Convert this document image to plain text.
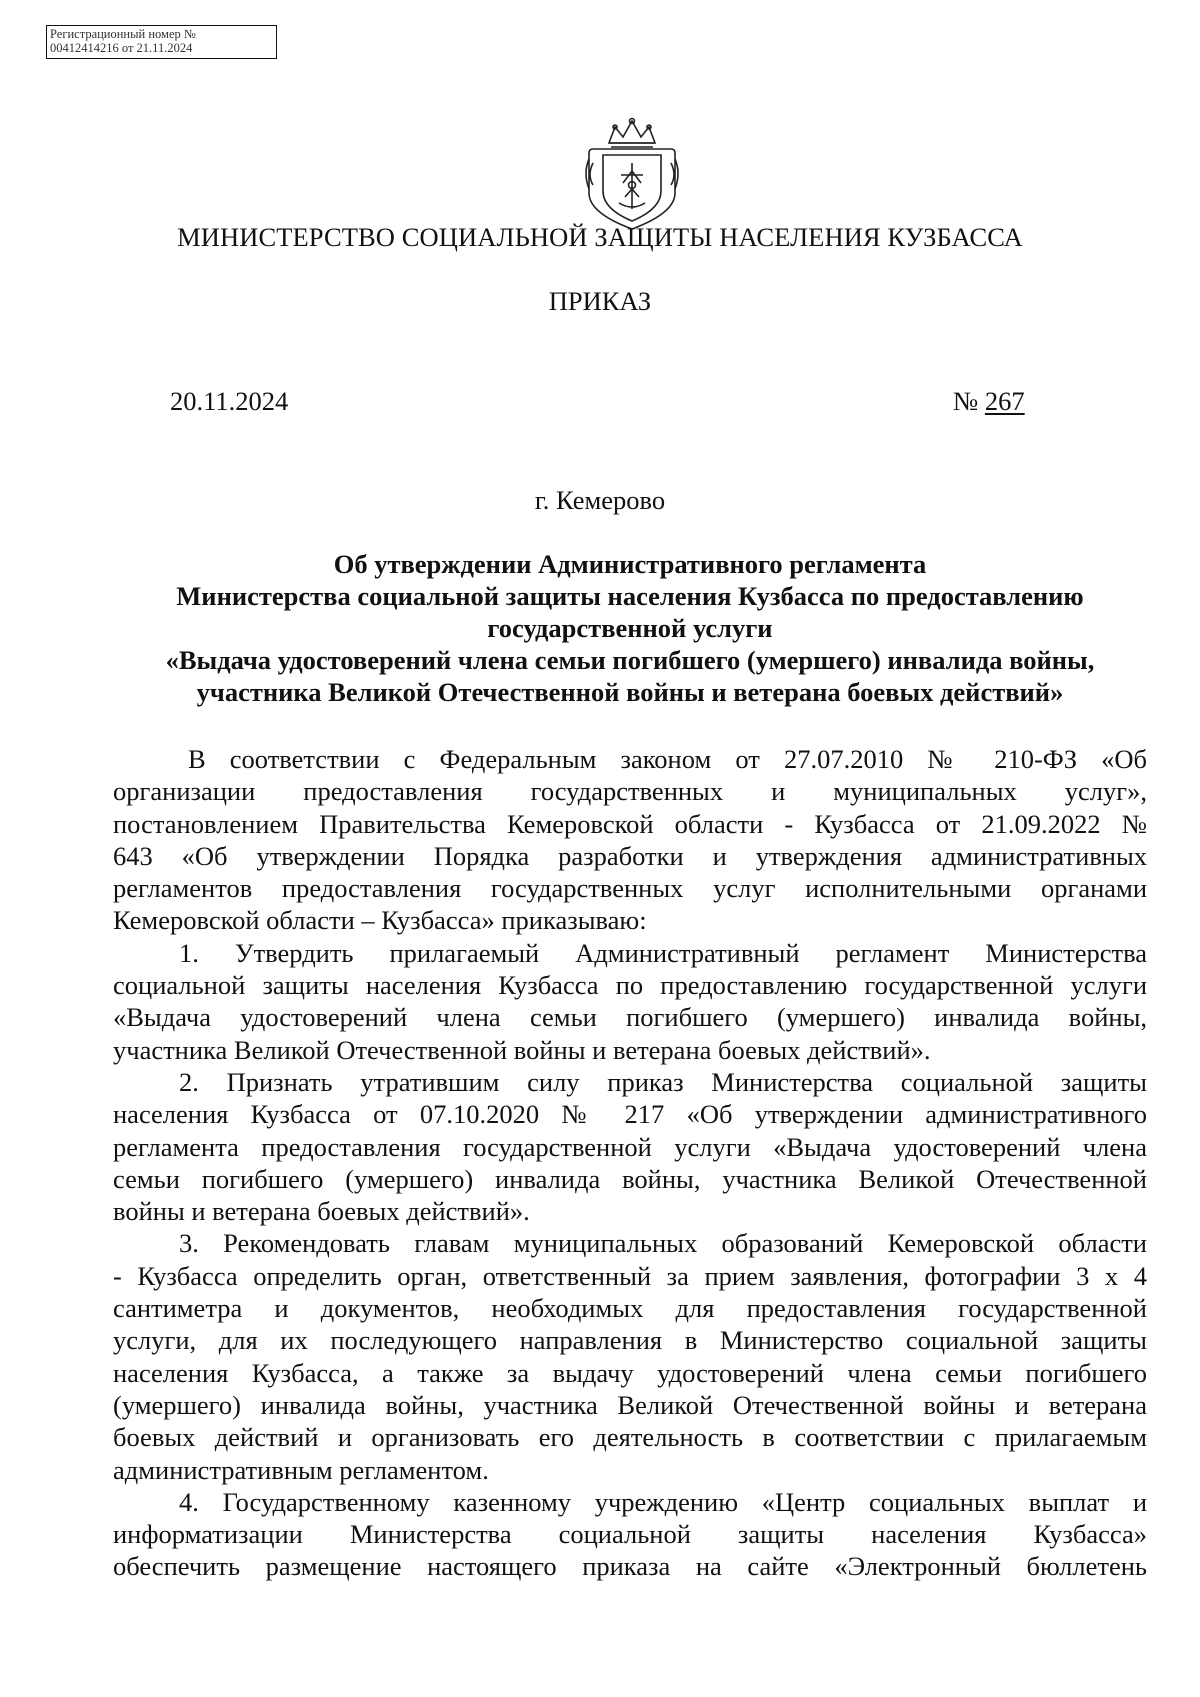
Регистрационный номер №
00412414216 от 21.11.2024
МИНИСТЕРСТВО СОЦИАЛЬНОЙ ЗАЩИТЫ НАСЕЛЕНИЯ КУЗБАССА
ПРИКАЗ
20.11.2024	№ 267
г. Кемерово
Об утверждении Административного регламента
Министерства социальной защиты населения Кузбасса по предоставлению
государственной услуги
«Выдача удостоверений члена семьи погибшего (умершего) инвалида войны,
участника Великой Отечественной войны и ветерана боевых действий»
В соответствии с Федеральным законом от 27.07.2010 № 210-ФЗ «Об
организации предоставления государственных и муниципальных услуг»,
постановлением Правительства Кемеровской области - Кузбасса от 21.09.2022 №
643 «Об утверждении Порядка разработки и утверждения административных
регламентов предоставления государственных услуг исполнительными органами
Кемеровской области – Кузбасса» приказываю:
1. Утвердить прилагаемый Административный регламент Министерства
социальной защиты населения Кузбасса по предоставлению государственной услуги
«Выдача удостоверений члена семьи погибшего (умершего) инвалида войны,
участника Великой Отечественной войны и ветерана боевых действий».
2. Признать утратившим силу приказ Министерства социальной защиты
населения Кузбасса от 07.10.2020 № 217 «Об утверждении административного
регламента предоставления государственной услуги «Выдача удостоверений члена
семьи погибшего (умершего) инвалида войны, участника Великой Отечественной
войны и ветерана боевых действий».
3. Рекомендовать главам муниципальных образований Кемеровской области
- Кузбасса определить орган, ответственный за прием заявления, фотографии 3 х 4
сантиметра и документов, необходимых для предоставления государственной
услуги, для их последующего направления в Министерство социальной защиты
населения Кузбасса, а также за выдачу удостоверений члена семьи погибшего
(умершего) инвалида войны, участника Великой Отечественной войны и ветерана
боевых действий и организовать его деятельность в соответствии с прилагаемым
административным регламентом.
4. Государственному казенному учреждению «Центр социальных выплат и
информатизации Министерства социальной защиты населения Кузбасса»
обеспечить размещение настоящего приказа на сайте «Электронный бюллетень
